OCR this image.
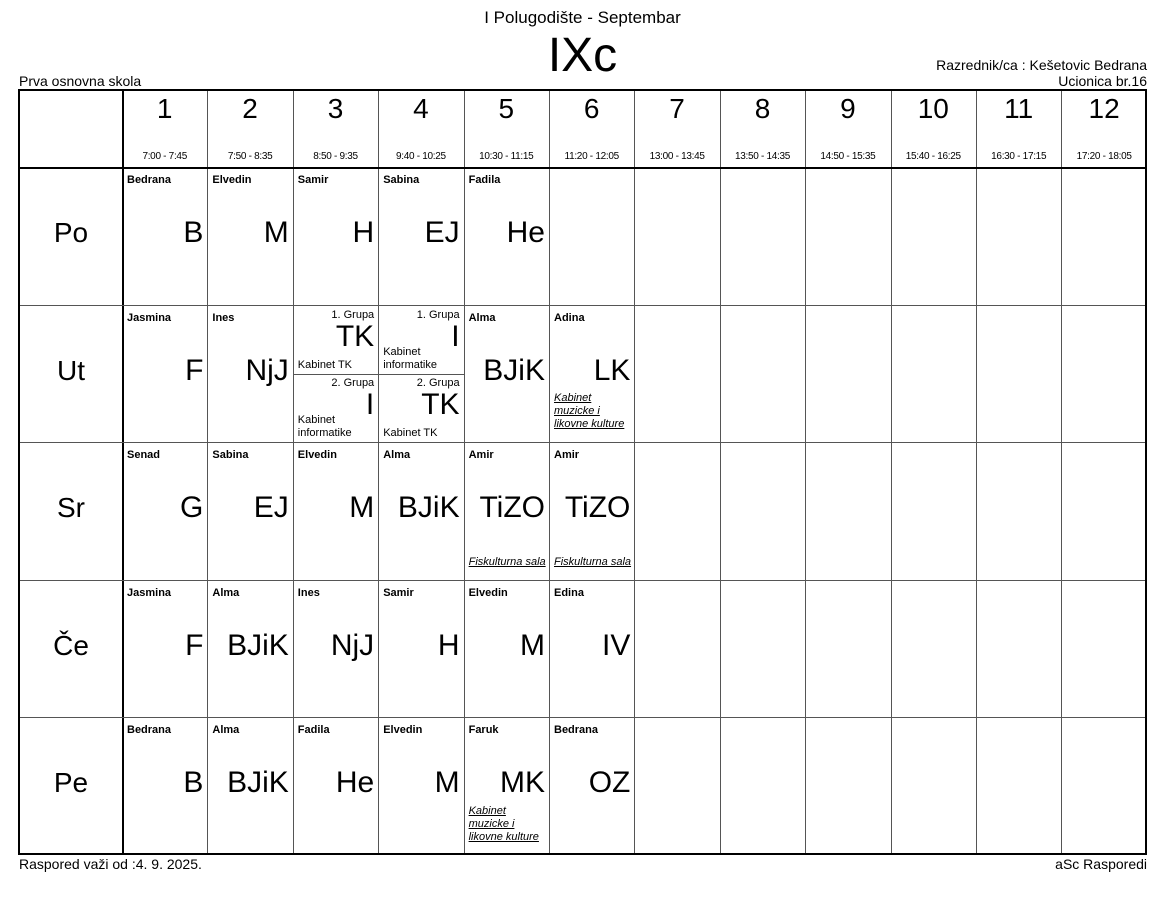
I Polugodište - Septembar
IXc
Prva osnovna skola
Razrednik/ca : Kešetovic Bedrana
Ucionica br.16
1
7:00 - 7:45
2
7:50 - 8:35
3
8:50 - 9:35
4
9:40 - 10:25
5
10:30 - 11:15
6
11:20 - 12:05
7
13:00 - 13:45
8
13:50 - 14:35
9
14:50 - 15:35
10
15:40 - 16:25
11
16:30 - 17:15
12
17:20 - 18:05
Po
Ut
Sr
Če
Pe
Bedrana
B
Elvedin
M
Samir
H
Sabina
EJ
Fadila
He
Jasmina
F
Ines
NjJ
1. Grupa
TK
Kabinet TK
2. Grupa
I
Kabinet informatike
1. Grupa
I
Kabinet informatike
2. Grupa
TK
Kabinet TK
Alma
BJiK
Adina
LK
Kabinet muzicke i likovne kulture
Senad
G
Sabina
EJ
Elvedin
M
Alma
BJiK
Amir
TiZO
Fiskulturna sala
Amir
TiZO
Fiskulturna sala
Jasmina
F
Alma
BJiK
Ines
NjJ
Samir
H
Elvedin
M
Edina
IV
Bedrana
B
Alma
BJiK
Fadila
He
Elvedin
M
Faruk
MK
Kabinet muzicke i likovne kulture
Bedrana
OZ
Raspored važi od :4. 9. 2025.	aSc Rasporedi
